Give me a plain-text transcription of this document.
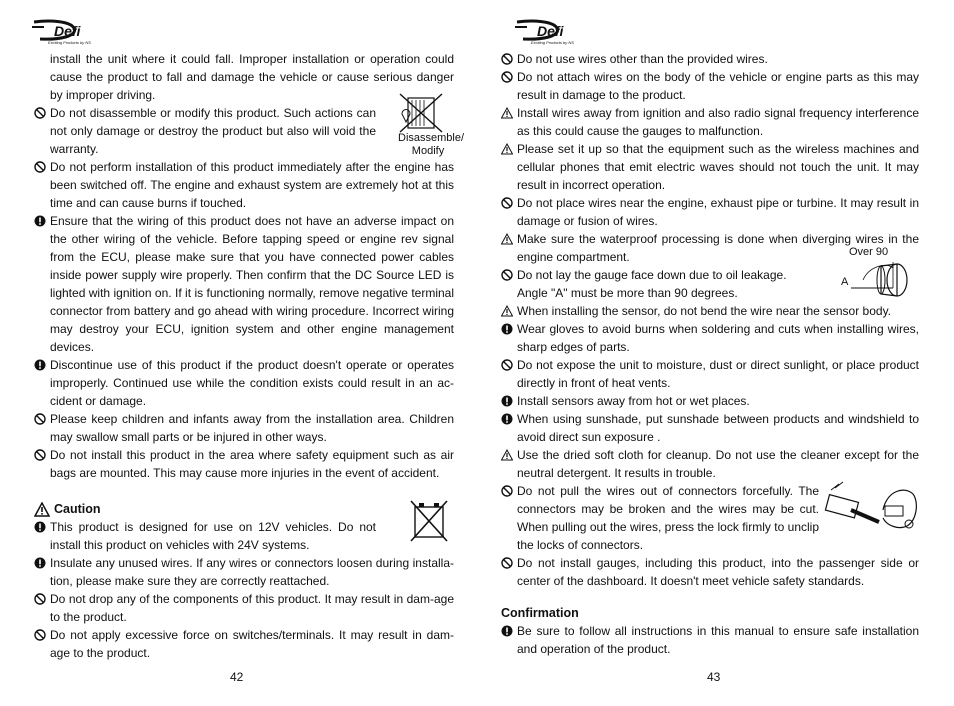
Defi
Exciting Products by NS
install the unit where it could fall. Improper installation or operation could cause the product to fall and damage the vehicle or cause serious danger by improper driving.
Do not disassemble or modify this product. Such actions can not only damage or destroy the product but also will void the warranty.
Do not perform installation of this product immediately after the engine has been switched off. The engine and exhaust system are extremely hot at this time and can cause burns if touched.
Ensure that the wiring of this product does not have an adverse impact on the other wiring of the vehicle. Before tapping speed or engine rev signal from the ECU, please make sure that you have connected power cables inside power supply wire properly. Then confirm that the DC Source LED is lighted with ignition on. If it is functioning normally, remove negative terminal connector from battery and go ahead with wiring procedure. Incorrect wiring may destroy your ECU, ignition system and other engine management devices.
Discontinue use of this product if the product doesn't operate or operates improperly. Continued use while the condition exists could result in an ac-cident or damage.
Please keep children and infants away from the installation area. Children may swallow small parts or be injured in other ways.
Do not install this product in the area where safety equipment such as air bags are mounted. This may cause more injuries in the event of accident.
Caution
This product is designed for use on 12V vehicles. Do not install this product on vehicles with 24V systems.
Insulate any unused wires. If any wires or connectors loosen during installa-tion, please make sure they are correctly reattached.
Do not drop any of the components of this product. It may result in dam-age to the product.
Do not apply excessive force on switches/terminals. It may result in dam-age to the product.
Disassemble/
Modify
42
Defi
Exciting Products by NS
Do not use wires other than the provided wires.
Do not attach wires on the body of the vehicle or engine parts as this may result in damage to the product.
Install wires away from ignition and also radio signal frequency interference as this could cause the gauges to malfunction.
Please set it up so that the equipment such as the wireless machines and cellular phones that emit electric waves should not touch the unit. It may result in incorrect operation.
Do not place wires near the engine, exhaust pipe or turbine. It may result in damage or fusion of wires.
Make sure the waterproof processing is done when diverging wires in the engine compartment.
Do not lay the gauge face down due to oil leakage.
Angle "A" must be more than 90 degrees.
When installing the sensor, do not bend the wire near the sensor body.
Wear gloves to avoid burns when soldering and cuts when installing wires, sharp edges of parts.
Do not expose the unit to moisture, dust or direct sunlight, or place product directly in front of heat vents.
Install sensors away from hot or wet places.
When using sunshade, put sunshade between products and windshield to avoid direct sun exposure .
Use the dried soft cloth for cleanup. Do not use the cleaner except for the neutral detergent. It results in trouble.
Do not pull the wires out of connectors forcefully. The connectors may be broken and the wires may be cut. When pulling out the wires, press the lock firmly to unclip the locks of connectors.
Do not install gauges, including this product, into the passenger side or center of the dashboard. It doesn't meet vehicle safety standards.
Confirmation
Be sure to follow all instructions in this manual to ensure safe installation and operation of the product.
Over 90
A
43
